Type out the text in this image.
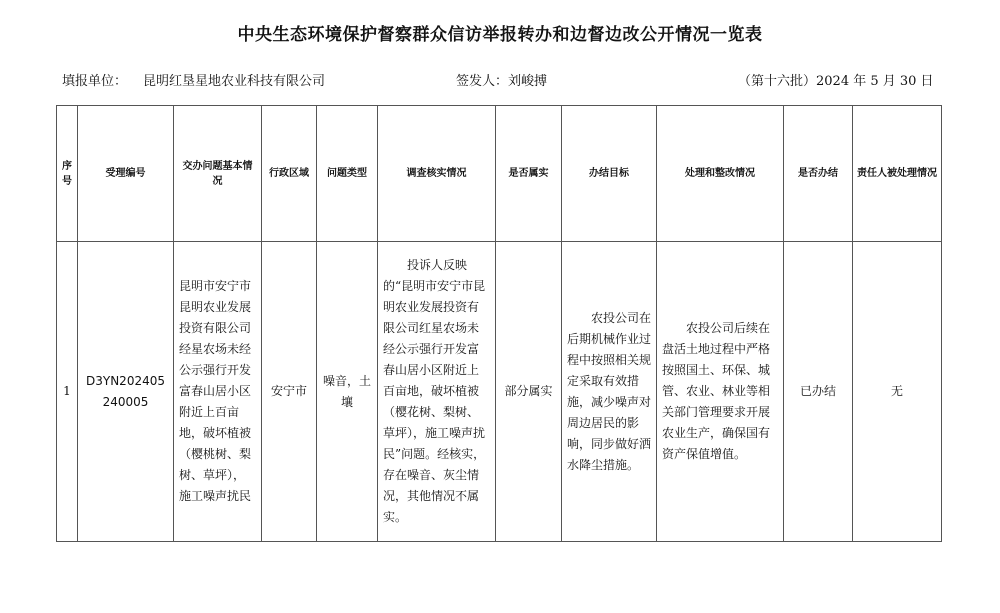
中央生态环境保护督察群众信访举报转办和边督边改公开情况一览表
填报单位： 昆明红垦星地农业科技有限公司	签发人：刘峻搏	（第十六批）2024 年 5 月 30 日
序号	受理编号	交办问题基本情况	行政区域	问题类型	调查核实情况	是否属实	办结目标	处理和整改情况	是否办结	责任人被处理情况
1	D3YN202405240005	昆明市安宁市昆明农业发展投资有限公司经星农场未经公示强行开发富春山居小区附近上百亩地，破坏植被（樱桃树、梨树、草坪），施工噪声扰民	安宁市	噪音，土壤	投诉人反映的“昆明市安宁市昆明农业发展投资有限公司红星农场未经公示强行开发富春山居小区附近上百亩地，破坏植被（樱花树、梨树、草坪），施工噪声扰民”问题。经核实，存在噪音、灰尘情况，其他情况不属实。	部分属实	农投公司在后期机械作业过程中按照相关规定采取有效措施，减少噪声对周边居民的影响，同步做好洒水降尘措施。	农投公司后续在盘活土地过程中严格按照国土、环保、城管、农业、林业等相关部门管理要求开展农业生产，确保国有资产保值增值。	已办结	无
